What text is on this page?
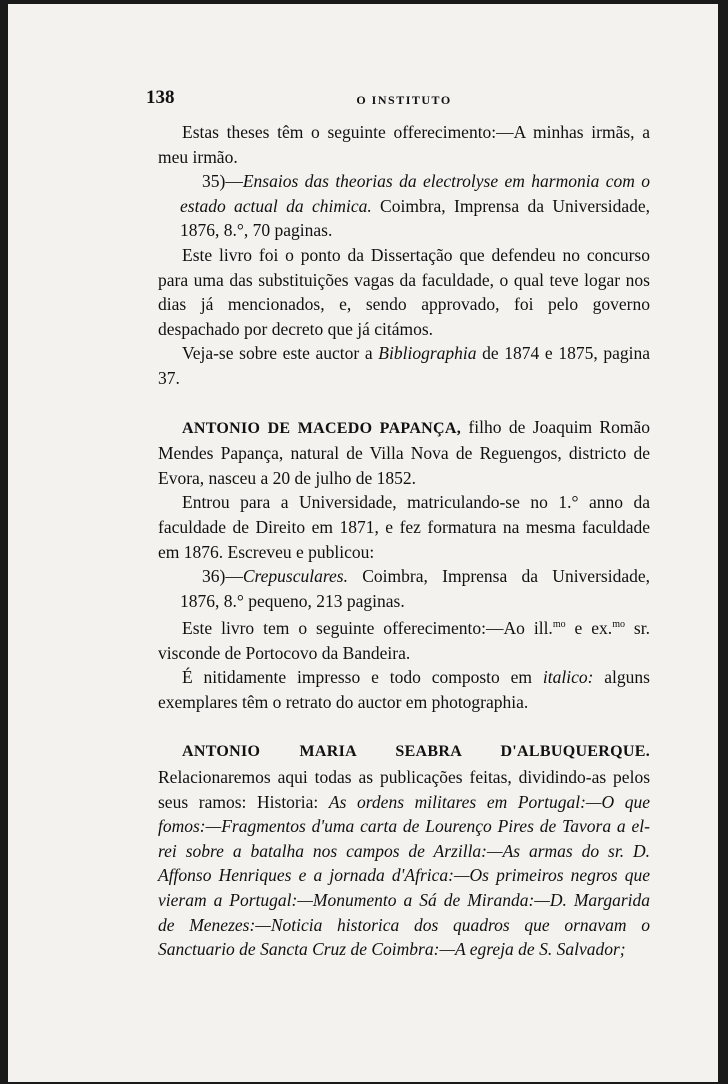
138	O INSTITUTO

Estas theses têm o seguinte offerecimento:—A minhas irmãs, a meu irmão.

35)—Ensaios das theorias da electrolyse em harmonia com o estado actual da chimica. Coimbra, Imprensa da Universidade, 1876, 8.°, 70 paginas.

Este livro foi o ponto da Dissertação que defendeu no concurso para uma das substituições vagas da faculdade, o qual teve logar nos dias já mencionados, e, sendo approvado, foi pelo governo despachado por decreto que já citámos.

Veja-se sobre este auctor a Bibliographia de 1874 e 1875, pagina 37.

ANTONIO DE MACEDO PAPANÇA, filho de Joaquim Romão Mendes Papança, natural de Villa Nova de Reguengos, districto de Evora, nasceu a 20 de julho de 1852.

Entrou para a Universidade, matriculando-se no 1.° anno da faculdade de Direito em 1871, e fez formatura na mesma faculdade em 1876. Escreveu e publicou:

36)—Crepusculares. Coimbra, Imprensa da Universidade, 1876, 8.° pequeno, 213 paginas.

Este livro tem o seguinte offerecimento:—Ao ill.$^{mo}$ e ex.$^{mo}$ sr. visconde de Portocovo da Bandeira.

É nitidamente impresso e todo composto em italico: alguns exemplares têm o retrato do auctor em photographia.

ANTONIO MARIA SEABRA D'ALBUQUERQUE. Relacionaremos aqui todas as publicações feitas, dividindo-as pelos seus ramos: Historia: As ordens militares em Portugal:—O que fomos:—Fragmentos d'uma carta de Lourenço Pires de Tavora a el-rei sobre a batalha nos campos de Arzilla:—As armas do sr. D. Affonso Henriques e a jornada d'Africa:—Os primeiros negros que vieram a Portugal:—Monumento a Sá de Miranda:—D. Margarida de Menezes:—Noticia historica dos quadros que ornavam o Sanctuario de Sancta Cruz de Coimbra:—A egreja de S. Salvador;
